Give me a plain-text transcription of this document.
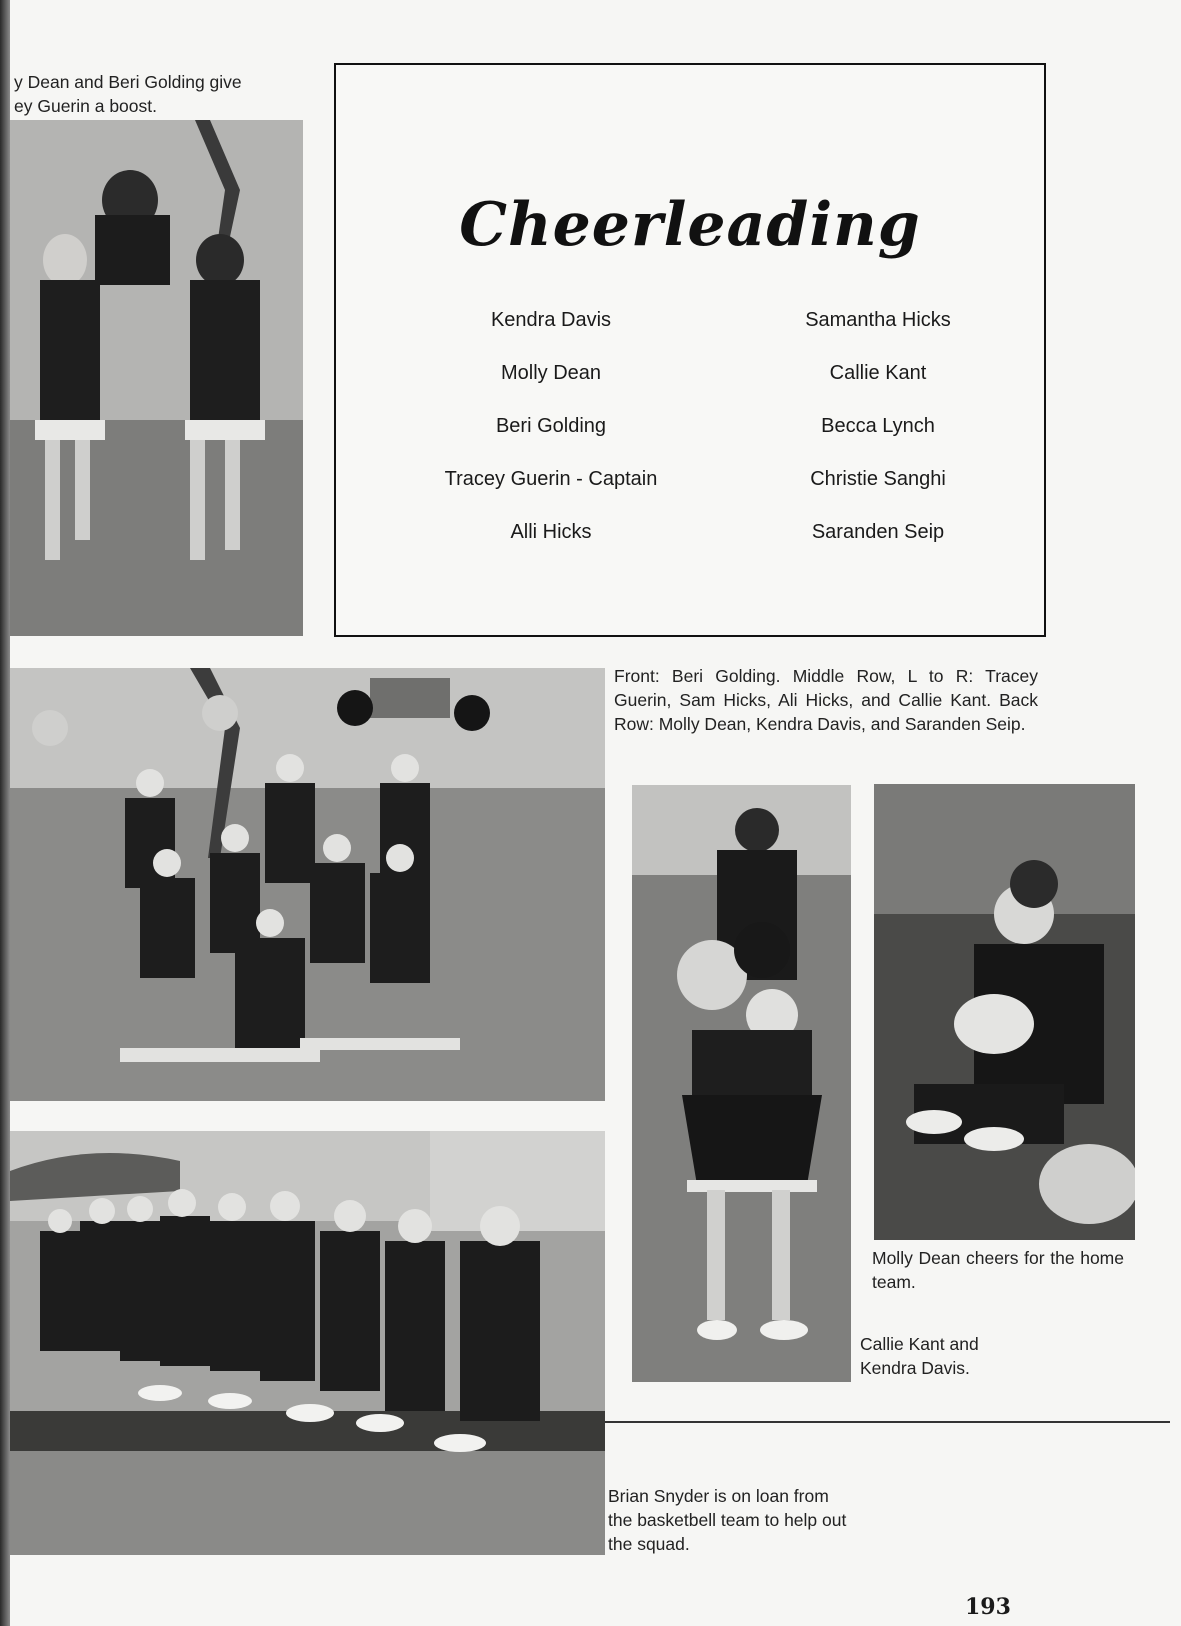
y Dean and Beri Golding give
ey Guerin a boost.
Cheerleading
Kendra Davis
Molly Dean
Beri Golding
Tracey Guerin - Captain
Alli Hicks
Samantha Hicks
Callie Kant
Becca Lynch
Christie Sanghi
Saranden Seip
Front: Beri Golding. Middle Row, L to R: Tracey Guerin, Sam Hicks, Ali Hicks, and Callie Kant. Back Row: Molly Dean, Kendra Davis, and Saranden Seip.
Molly Dean cheers for the home team.
Callie Kant and Kendra Davis.
Brian Snyder is on loan from the basketbell team to help out the squad.
193
